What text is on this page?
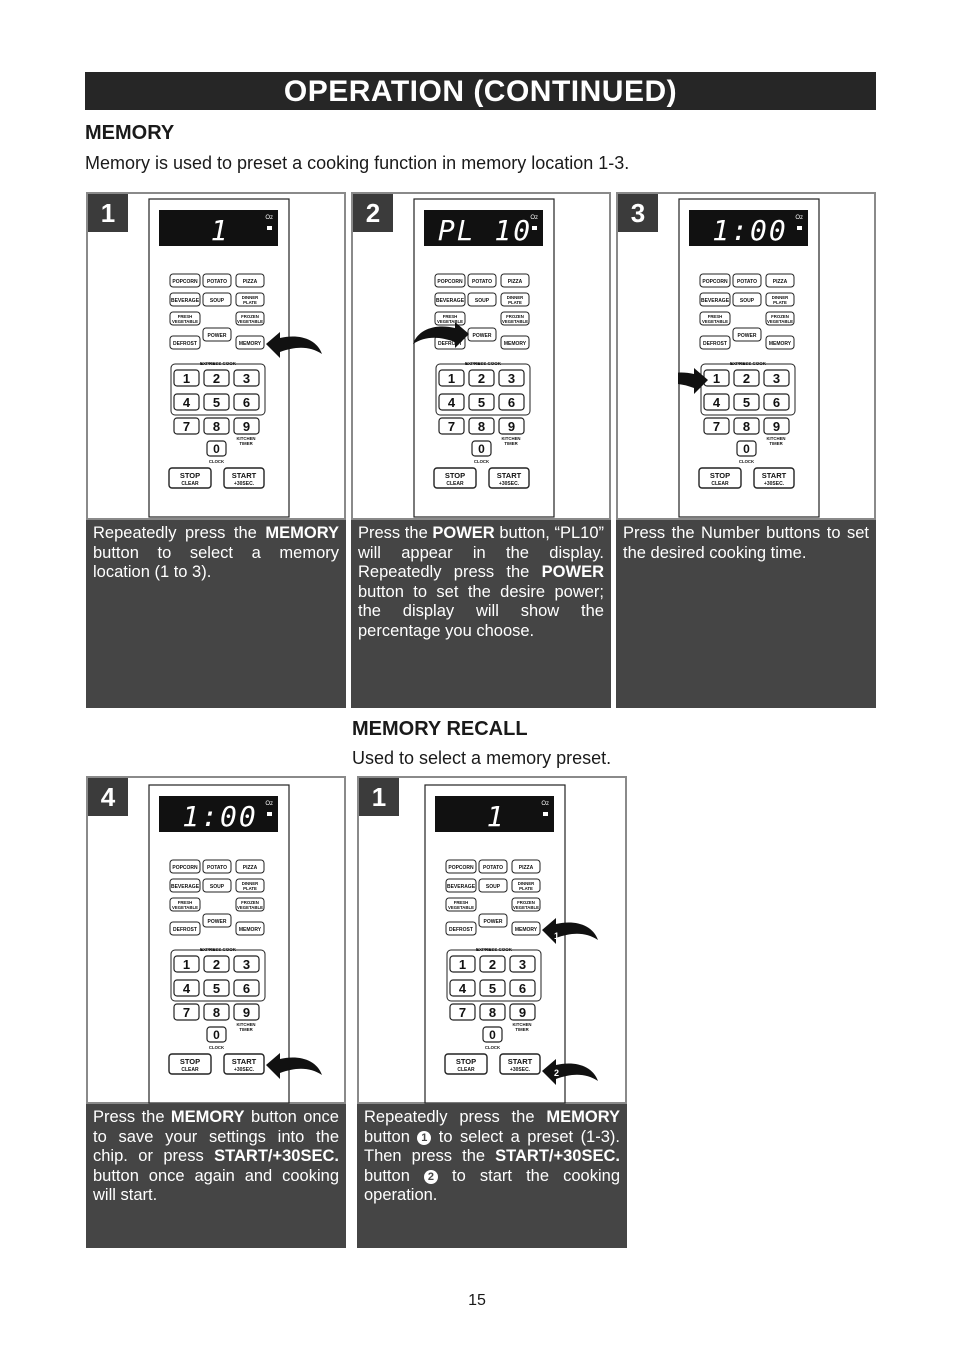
OPERATION (CONTINUED)
MEMORY
Memory is used to preset a cooking function in memory location 1-3.
1	Oz
1
POPCORN POTATO	PIZZA
BEVERAGE SOUP
DINNER
PLATE
FRESH
VEGETABLE
POWER
FROZEN
VEGETABLE
DEFROST	MEMORY
EXPRESS COOK
1 2 3
4 5 6
7 8 9
KITCHEN
TIMER
0
CLOCK
STOP
CLEAR
START
+30SEC.
Repeatedly press the MEMORY button to select a memory location (1 to 3).
2	Oz
PL 10
POPCORN POTATO	PIZZA
BEVERAGE SOUP
DINNER
PLATE
FRESH
VEGETABLE
POWER
FROZEN
VEGETABLE
DEFROST	MEMORY
EXPRESS COOK
1 2 3
4 5 6
7 8 9
KITCHEN
TIMER
0
CLOCK
STOP
CLEAR
START
+30SEC.
Press the POWER button, “PL10” will appear in the display. Repeatedly press the POWER button to set the desire power; the display will show the percentage you choose.
3	Oz
1:00
POPCORN POTATO	PIZZA
BEVERAGE SOUP
DINNER
PLATE
FRESH
VEGETABLE
POWER
FROZEN
VEGETABLE
DEFROST	MEMORY
EXPRESS COOK
1 2 3
4 5 6
7 8 9
KITCHEN
TIMER
0
CLOCK
STOP
CLEAR
START
+30SEC.
Press the Number buttons to set the desired cooking time.
MEMORY RECALL
Used to select a memory preset.
4	Oz
1:00
POPCORN POTATO	PIZZA
BEVERAGE SOUP
DINNER
PLATE
FRESH
VEGETABLE
POWER
FROZEN
VEGETABLE
DEFROST	MEMORY
EXPRESS COOK
1 2 3
4 5 6
7 8 9
KITCHEN
TIMER
0
CLOCK
STOP
CLEAR
START
+30SEC.
Press the MEMORY button once to save your settings into the chip. or press START/+30SEC. button once again and cooking will start.
1	Oz
1
POPCORN POTATO	PIZZA
BEVERAGE SOUP
DINNER
PLATE
FRESH
VEGETABLE
POWER
FROZEN
VEGETABLE
DEFROST	MEMORY
EXPRESS COOK
1 2 3
4 5 6
7 8 9
KITCHEN
TIMER
0
CLOCK
STOP
CLEAR
START
+30SEC.
1
2
Repeatedly press the MEMORY button 1 to select a preset (1-3). Then press the START/+30SEC. button 2 to start the cooking operation.
15
